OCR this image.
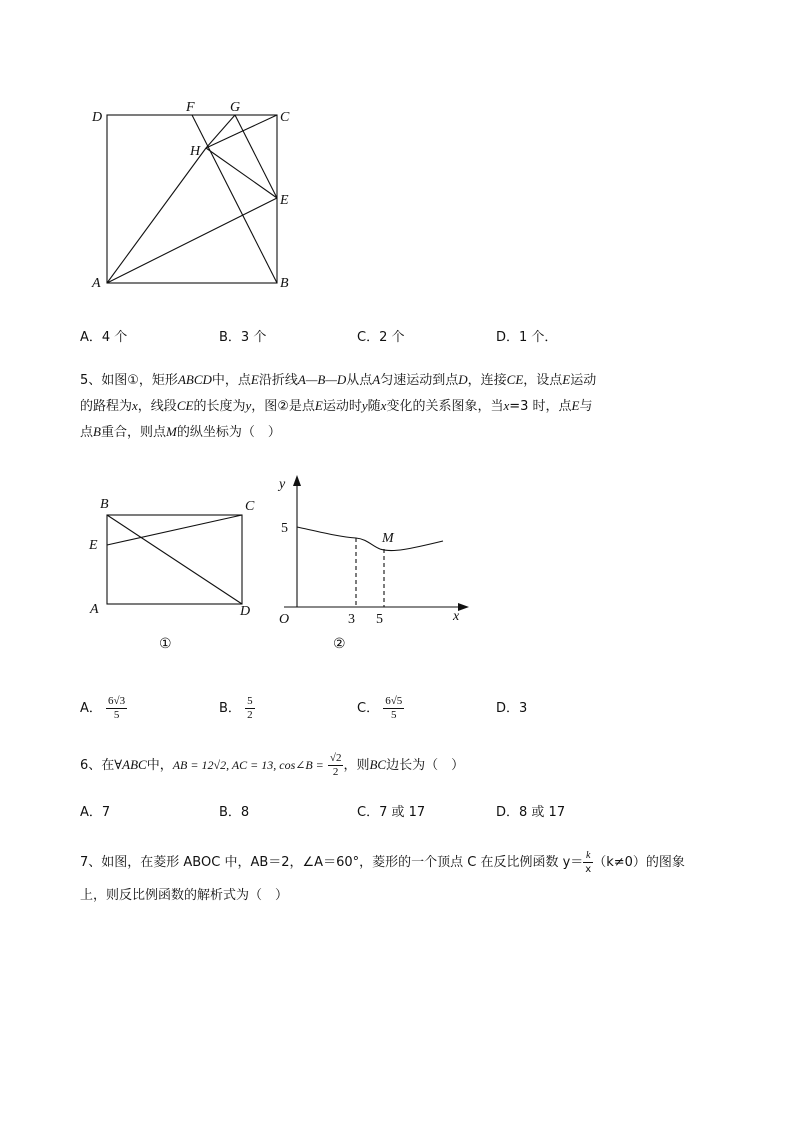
D
F	G
C
H
E
A	B
A．4 个	B．3 个	C．2 个	D．1 个．
5、如图①，矩形ABCD中，点E沿折线A—B—D从点A匀速运动到点D，连接CE，设点E运动
的路程为x，线段CE的长度为y，图②是点E运动时y随x变化的关系图象，当x=3 时，点E与
点B重合，则点M的纵坐标为（　）
B	C
E
A	D
①
y
5
M
O	3 5	x
②
A． $\frac{6√3}{5}$	B． $\frac{5}{2}$	C． $\frac{6√5}{5}$	D．3
6、在∀ABC中，AB = 12√2, AC = 13, cos∠B = $\frac{√2}{2}$ ，则BC边长为（　）
A．7	B．8	C．7 或 17	D．8 或 17
7、如图，在菱形 ABOC 中，AB＝2，∠A＝60°，菱形的一个顶点 C 在反比例函数 $y= \frac{k}{x} (k\ne 0)$的图象
上，则反比例函数的解析式为（　）
